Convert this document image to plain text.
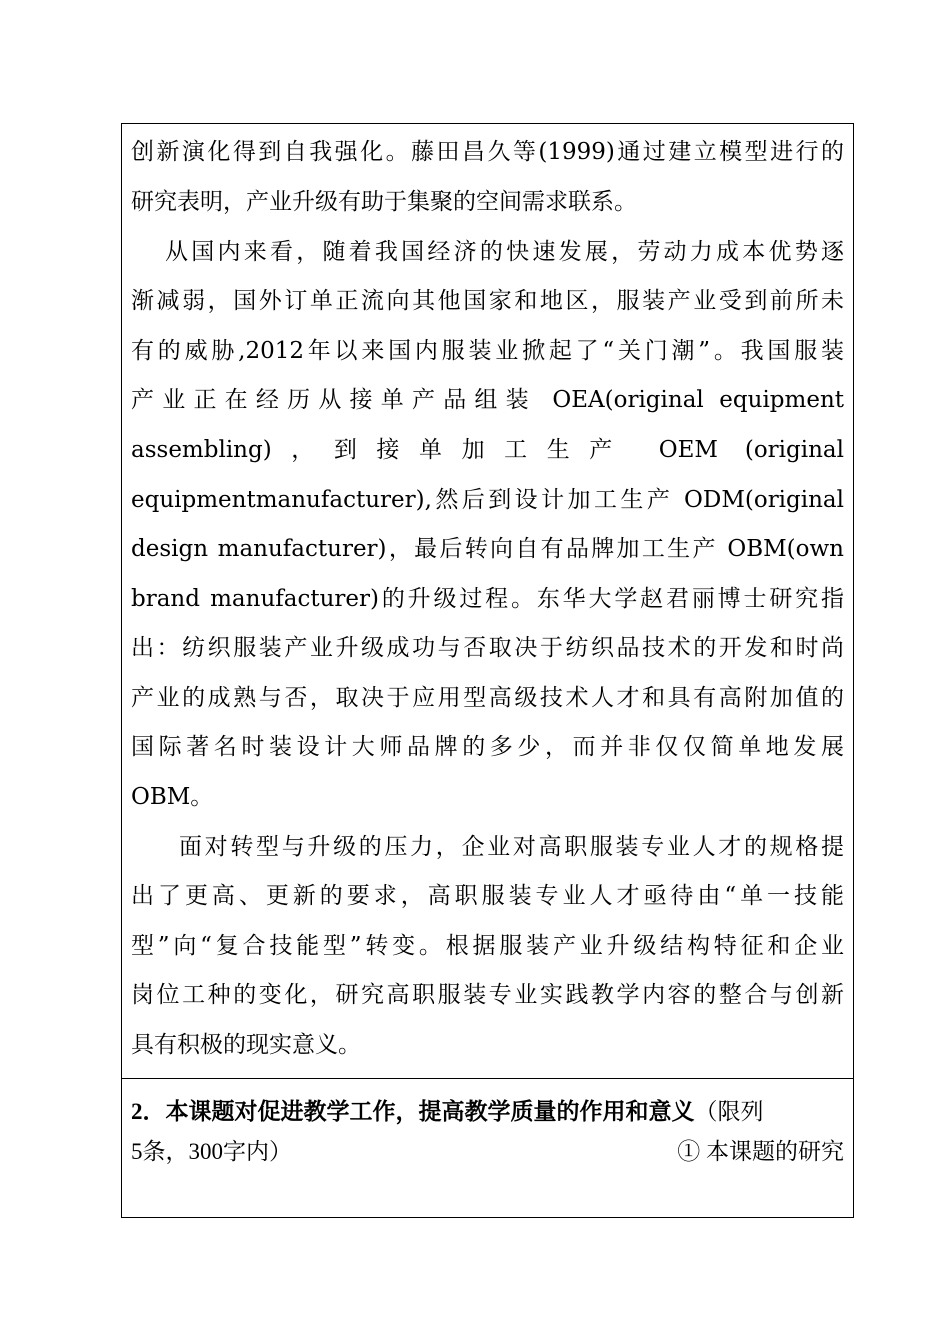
创新演化得到自我强化。藤田昌久等(1999)通过建立模型进行的
研究表明，产业升级有助于集聚的空间需求联系。
从国内来看，随着我国经济的快速发展，劳动力成本优势逐
渐减弱，国外订单正流向其他国家和地区，服装产业受到前所未
有的威胁,2012年以来国内服装业掀起了“关门潮”。我国服装
产业正在经历从接单产品组装 OEA(original equipment
assembling)，到接单加工生产 OEM (original
equipmentmanufacturer),然后到设计加工生产 ODM(original
design manufacturer)，最后转向自有品牌加工生产 OBM(own
brand manufacturer)的升级过程。东华大学赵君丽博士研究指
出：纺织服装产业升级成功与否取决于纺织品技术的开发和时尚
产业的成熟与否，取决于应用型高级技术人才和具有高附加值的
国际著名时装设计大师品牌的多少，而并非仅仅简单地发展
OBM。
面对转型与升级的压力，企业对高职服装专业人才的规格提
出了更高、更新的要求，高职服装专业人才亟待由“单一技能
型”向“复合技能型”转变。根据服装产业升级结构特征和企业
岗位工种的变化，研究高职服装专业实践教学内容的整合与创新
具有积极的现实意义。
2．本课题对促进教学工作，提高教学质量的作用和意义（限列
5条，300字内）	① 本课题的研究
